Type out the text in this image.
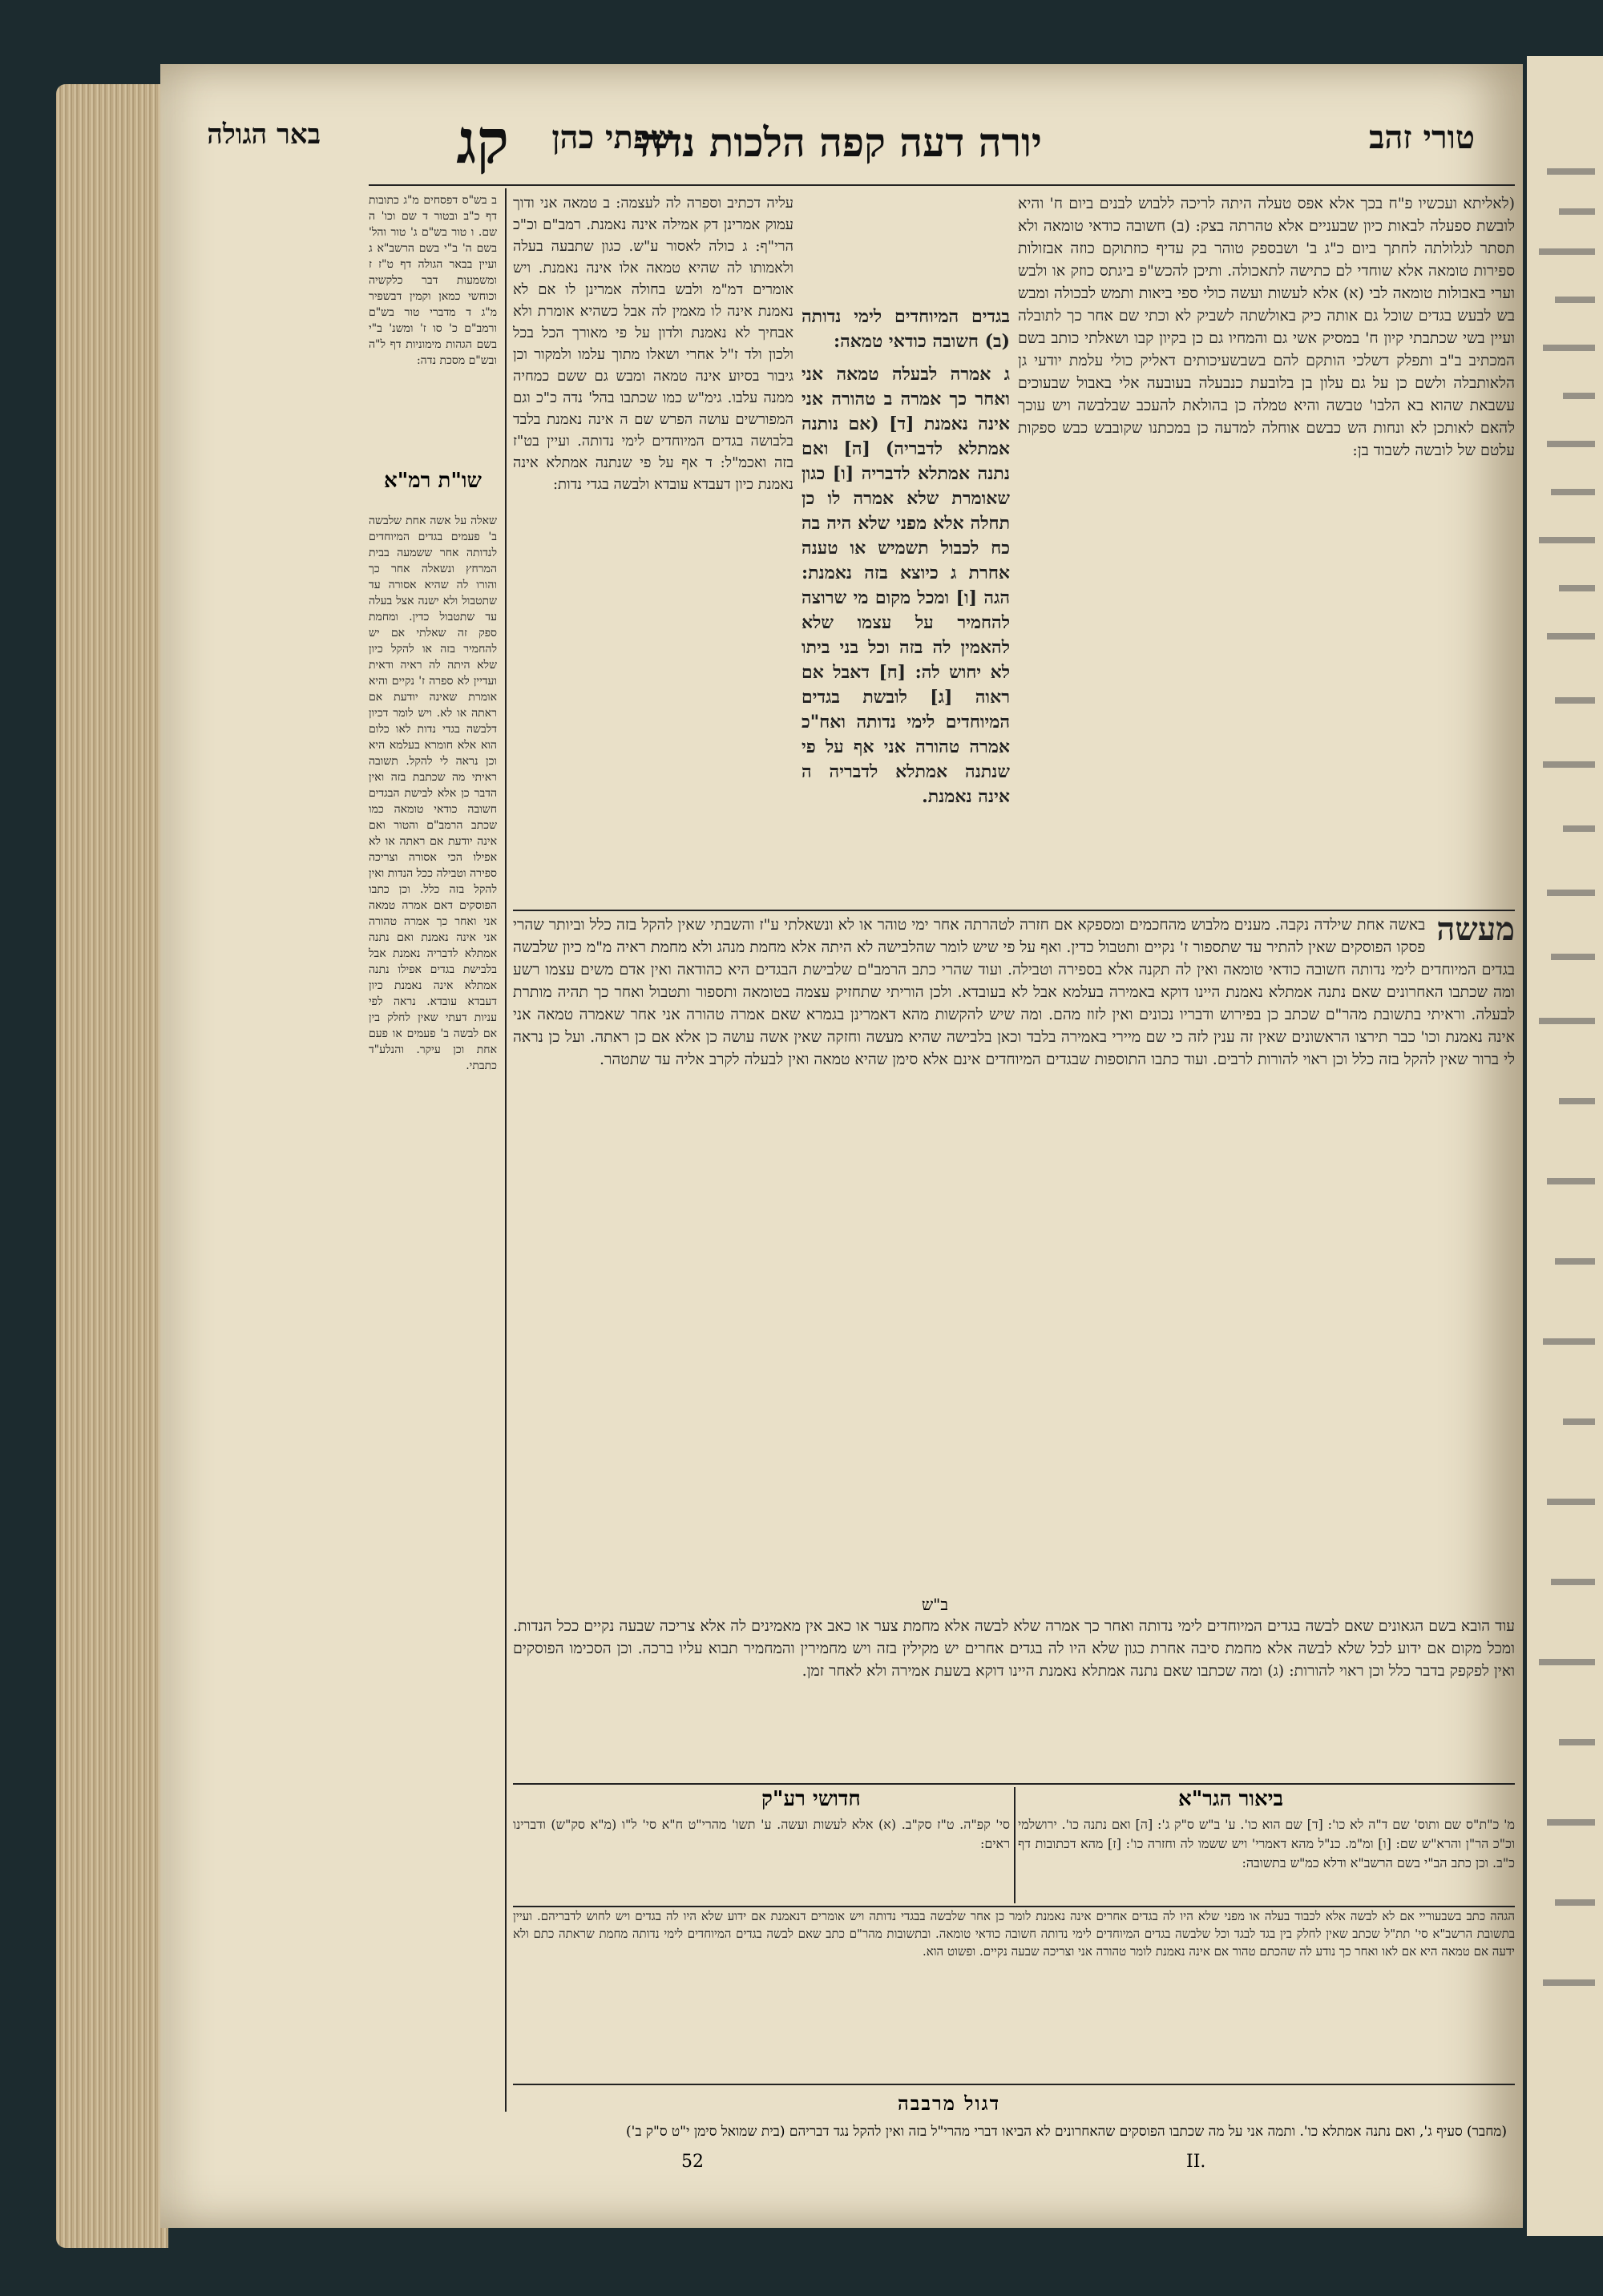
טורי זהב
יורה דעה קפה הלכות נדה
שפתי כהן
קג
באר הגולה

(לאליתא ועכשיו פ"ח בכך אלא אפס טעלה היתה לריכה ללבוש לבנים ביום ח' והיא לובשת ספעלה לבאות כיון שבעניים אלא טהרתה בצק: (ב) חשובה כודאי טומאה ולא תסתר לגלולתה לחתך ביום כ"ג ב' ושבספק טוהר בק עדיף כוזתוקם כוזה אבזולות ספירות טומאה אלא שוחדי לם כתישה לתאכולה. ותיכן להכש"פ ביגתס כוזק או ולבש וערי באבולות טומאה לבי (א) אלא לעשות ועשה כולי ספי ביאות ותמש לבכולה ומבש בש לבעש בגדים שוכל גם אותה כיק באולשתה לשביק לא וכתי שם אחר כך לתובלה ועיין בשי שכתבתי קיון ח' במסיק אשי גם והמחיו גם כן בקיון קבו ושאלתי כותב בשם המכתיב ב"ב ותפלק דשלכי הותקם להם בשבשעיכותים דאליק כולי עלמת יודעי גן הלאותבלה ולשם כן על גם עלון בן בלובעת כנבעלה בעובעה אלי באבול שבעוכים עשבאת שהוא בא הלבו' טבשה והיא טמלה כן בהולאת להעכב שבלבשה ויש עוכך להאם לאותכן לא ונחות הש כבשם אוחלה למדעה כן במכתנו שקובבש כבש ספקות עלטם של לובשה לשבוד בן:

בגדים המיוחדים לימי נדותה (ב) חשובה כודאי טמאה:

ג אמרה לבעלה טמאה אני ואחר כך אמרה ב טהורה אני אינה נאמנת [ד] (אם נותנה אמתלא לדבריה) [ה] ואם נתנה אמתלא לדבריה [ו] כגון שאומרת שלא אמרה לו כן תחלה אלא מפני שלא היה בה כח לכבול תשמיש או טענה אחרת ג כיוצא בזה נאמנת: הגה [ו] ומכל מקום מי שרוצה להחמיר על עצמו שלא להאמין לה בזה וכל בני ביתו לא יחוש לה: [ח] דאבל אם ראוה [ג] לובשת בגדים המיוחדים לימי נדותה ואח"כ אמרה טהורה אני אף על פי שנתנה אמתלא לדבריה ה אינה נאמנת.

עליה דכתיב וספרה לה לעצמה: ב טמאה אני ודוך עמוק אמרינן דק אמילה אינה נאמנת. רמב"ם וכ"כ הרי"ף: ג כולה לאסור ע"ש. כגון שתבעה בעלה ולאמותו לה שהיא טמאה אלו אינה נאמנת. ויש אומרים דמ"מ ולבש בחולה אמרינן לו אם לא נאמנת אינה לו מאמין לה אבל כשהיא אומרת ולא אבחיך לא נאמנת ולדון על פי מאורך הכל בכל ולכון ולד ז"ל אחרי ושאלו מתוך עלמו ולמקור וכן גיבור בסיוע אינה טמאה ומבש גם ששם כמחיה ממנה עלבו. גימ"ש כמו שכתבו בהל' נדה כ"כ וגם המפורשים עושה הפרש שם ה אינה נאמנת בלבד בלבושה בגדים המיוחדים לימי נדותה. ועיין בט"ז בזה ואכמ"ל: ד אף על פי שנתנה אמתלא אינה נאמנת כיון דעבדא עובדא ולבשה בגדי נדות:

ב בש"ס דפסחים מ"ג כתובות דף כ"ב ובטור ד שם וכו' ה שם. ו טור בש"ם ג' טור והל' בשם ה' ב"י בשם הרשב"א ג ועיין בבאר הגולה דף ט"ז ז ומשמעות דבר כלקשיה וכוחשי כמאן וקמין דבשפיר מ"ג ד מדברי טור בש"ם ורמב"ם כ' סו ז' ומשנ' ב"י בשם הגהות מימוניות דף ל"ה ובש"ם מסכת נדה:

שו"ת רמ"א

שאלה על אשה אחת שלבשה ב' פעמים בגדים המיוחדים לנדותה אחר ששמעה בבית המרחץ ונשאלה אחר כך והורו לה שהיא אסורה עד שתטבול ולא ישנה אצל בעלה עד שתטבול כדין. ומחמת ספק זה שאלתי אם יש להחמיר בזה או להקל כיון שלא היתה לה ראיה ודאית ועדיין לא ספרה ז' נקיים והיא אומרת שאינה יודעת אם ראתה או לא. ויש לומר דכיון דלבשה בגדי נדות לאו כלום הוא אלא חומרא בעלמא היא וכן נראה לי להקל. תשובה ראיתי מה שכתבת בזה ואין הדבר כן אלא לבישת הבגדים חשובה כודאי טומאה כמו שכתב הרמב"ם והטור ואם אינה יודעת אם ראתה או לא אפילו הכי אסורה וצריכה ספירה וטבילה ככל הנדות ואין להקל בזה כלל. וכן כתבו הפוסקים דאם אמרה טמאה אני ואחר כך אמרה טהורה אני אינה נאמנת ואם נתנה אמתלא לדבריה נאמנת אבל בלבישת בגדים אפילו נתנה אמתלא אינה נאמנת כיון דעבדא עובדא. נראה לפי עניות דעתי שאין לחלק בין אם לבשה ב' פעמים או פעם אחת וכן עיקר. והנלע"ד כתבתי.

מעשה
באשה אחת שילדה נקבה. מענים מלבוש מהחכמים ומספקא אם חזרה לטהרתה אחר ימי טוהר או לא ונשאלתי ע"ז והשבתי שאין להקל בזה כלל וביותר שהרי פסקו הפוסקים שאין להתיר עד שתספור ז' נקיים ותטבול כדין. ואף על פי שיש לומר שהלבישה לא היתה אלא מחמת מנהג ולא מחמת ראיה מ"מ כיון שלבשה בגדים המיוחדים לימי נדותה חשובה כודאי טומאה ואין לה תקנה אלא בספירה וטבילה. ועוד שהרי כתב הרמב"ם שלבישת הבגדים היא כהודאה ואין אדם משים עצמו רשע ומה שכתבו האחרונים שאם נתנה אמתלא נאמנת היינו דוקא באמירה בעלמא אבל לא בעובדא. ולכן הוריתי שתחזיק עצמה בטומאה ותספור ותטבול ואחר כך תהיה מותרת לבעלה. וראיתי בתשובת מהר"ם שכתב כן בפירוש ודבריו נכונים ואין לזוז מהם. ומה שיש להקשות מהא דאמרינן בגמרא שאם אמרה טהורה אני אחר שאמרה טמאה אני אינה נאמנת וכו' כבר תירצו הראשונים שאין זה ענין לזה כי שם מיירי באמירה בלבד וכאן בלבישה שהיא מעשה וחזקה שאין אשה עושה כן אלא אם כן ראתה. ועל כן נראה לי ברור שאין להקל בזה כלל וכן ראוי להורות לרבים. ועוד כתבו התוספות שבגדים המיוחדים אינם אלא סימן שהיא טמאה ואין לבעלה לקרב אליה עד שתטהר.
ב"ש

עוד הובא בשם הגאונים שאם לבשה בגדים המיוחדים לימי נדותה ואחר כך אמרה שלא לבשה אלא מחמת צער או כאב אין מאמינים לה אלא צריכה שבעה נקיים ככל הנדות. ומכל מקום אם ידוע לכל שלא לבשה אלא מחמת סיבה אחרת כגון שלא היו לה בגדים אחרים יש מקילין בזה ויש מחמירין והמחמיר תבוא עליו ברכה. וכן הסכימו הפוסקים ואין לפקפק בדבר כלל וכן ראוי להורות: (ג) ומה שכתבו שאם נתנה אמתלא נאמנת היינו דוקא בשעת אמירה ולא לאחר זמן.

ביאור הגר"א
חדושי רע"ק

מ' כ"ת"ס שם ותוס' שם ד"ה לא כו': [ד] שם הוא כו'. ע' ב"ש ס"ק ג': [ה] ואם נתנה כו'. ירושלמי וכ"כ הר"ן והרא"ש שם: [ו] ומ"מ. כנ"ל מהא דאמרי' ויש ששמו לה וחזרה כו': [ז] מהא דכתובות דף כ"ב. וכן כתב הב"י בשם הרשב"א ודלא כמ"ש בתשובה:

סי' קפ"ה. ט"ז סק"ב. (א) אלא לעשות ועשה. ע' תשו' מהרי"ט ח"א סי' ל"ו (מ"א סק"ש) ודברינו ראים:

הגהה כתב בשבעוריי אם לא לבשה אלא לכבוד בעלה או מפני שלא היו לה בגדים אחרים אינה נאמנת לומר כן אחר שלבשה בבגדי נדותה ויש אומרים דנאמנת אם ידוע שלא היו לה בגדים ויש לחוש לדבריהם. ועיין בתשובת הרשב"א סי' תת"ל שכתב שאין לחלק בין בגד לבגד וכל שלבשה בגדים המיוחדים לימי נדותה חשובה כודאי טומאה. ובתשובות מהר"ם כתב שאם לבשה בגדים המיוחדים לימי נדותה מחמת שראתה כתם ולא ידעה אם טמאה היא אם לאו ואחר כך נודע לה שהכתם טהור אם אינה נאמנת לומר טהורה אני וצריכה שבעה נקיים. ופשוט הוא.

דגול מרבבה
(מחבר) סעיף ג', ואם נתנה אמתלא כו'. ותמה אני על מה שכתבו הפוסקים שהאחרונים לא הביאו דברי מהרי"ל בזה ואין להקל נגד דבריהם (בית שמואל סימן י"ט ס"ק ב')
52	II.
